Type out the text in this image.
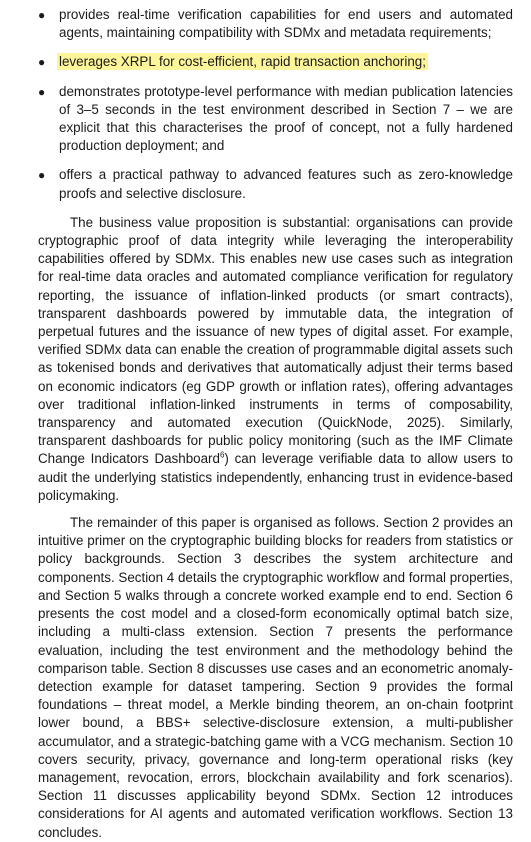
● provides real-time verification capabilities for end users and automated agents, maintaining compatibility with SDMx and metadata requirements;
● leverages XRPL for cost-efficient, rapid transaction anchoring;
● demonstrates prototype-level performance with median publication latencies of 3–5 seconds in the test environment described in Section 7 – we are explicit that this characterises the proof of concept, not a fully hardened production deployment; and
● offers a practical pathway to advanced features such as zero-knowledge proofs and selective disclosure.

The business value proposition is substantial: organisations can provide cryptographic proof of data integrity while leveraging the interoperability capabilities offered by SDMx. This enables new use cases such as integration for real-time data oracles and automated compliance verification for regulatory reporting, the issuance of inflation-linked products (or smart contracts), transparent dashboards powered by immutable data, the integration of perpetual futures and the issuance of new types of digital asset. For example, verified SDMx data can enable the creation of programmable digital assets such as tokenised bonds and derivatives that automatically adjust their terms based on economic indicators (eg GDP growth or inflation rates), offering advantages over traditional inflation-linked instruments in terms of composability, transparency and automated execution (QuickNode, 2025). Similarly, transparent dashboards for public policy monitoring (such as the IMF Climate Change Indicators Dashboard$^6$) can leverage verifiable data to allow users to audit the underlying statistics independently, enhancing trust in evidence-based policymaking.

The remainder of this paper is organised as follows. Section 2 provides an intuitive primer on the cryptographic building blocks for readers from statistics or policy backgrounds. Section 3 describes the system architecture and components. Section 4 details the cryptographic workflow and formal properties, and Section 5 walks through a concrete worked example end to end. Section 6 presents the cost model and a closed-form economically optimal batch size, including a multi-class extension. Section 7 presents the performance evaluation, including the test environment and the methodology behind the comparison table. Section 8 discusses use cases and an econometric anomaly-detection example for dataset tampering. Section 9 provides the formal foundations – threat model, a Merkle binding theorem, an on-chain footprint lower bound, a BBS+ selective-disclosure extension, a multi-publisher accumulator, and a strategic-batching game with a VCG mechanism. Section 10 covers security, privacy, governance and long-term operational risks (key management, revocation, errors, blockchain availability and fork scenarios). Section 11 discusses applicability beyond SDMx. Section 12 introduces considerations for AI agents and automated verification workflows. Section 13 concludes.
